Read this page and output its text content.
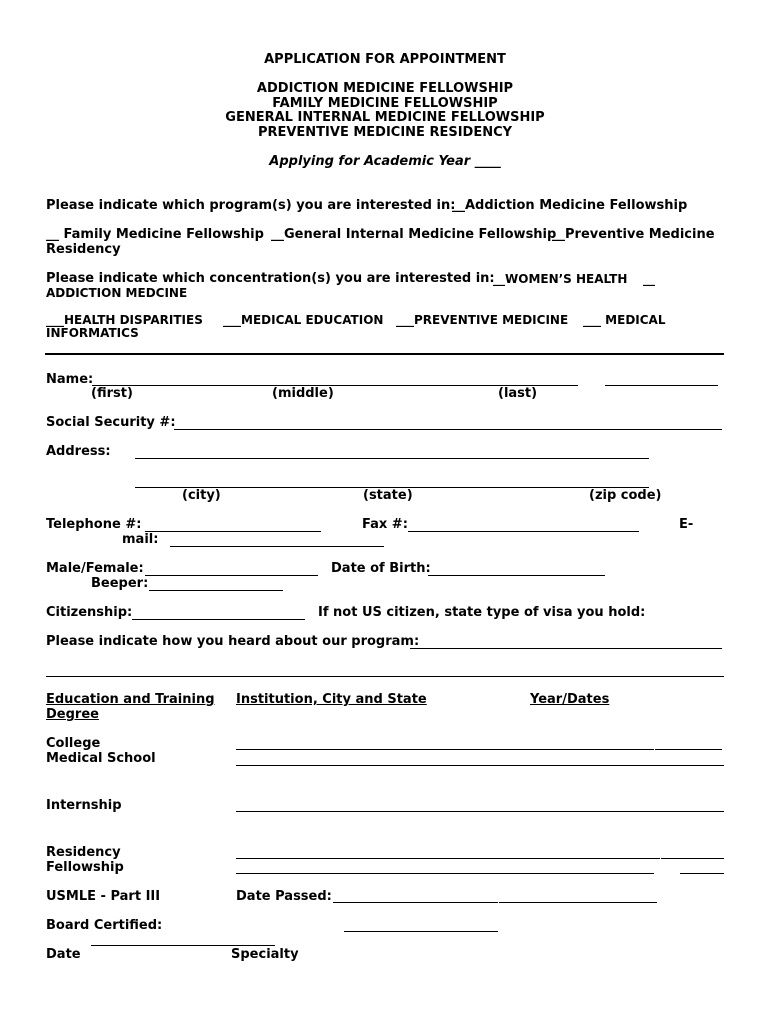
APPLICATION FOR APPOINTMENT
ADDICTION MEDICINE FELLOWSHIP
FAMILY MEDICINE FELLOWSHIP
GENERAL INTERNAL MEDICINE FELLOWSHIP
PREVENTIVE MEDICINE RESIDENCY
Applying for Academic Year ____
Please indicate which program(s) you are interested in:
__Addiction Medicine Fellowship
__ Family Medicine Fellowship __General Internal Medicine Fellowship
__Preventive Medicine
Residency
Please indicate which concentration(s) you are interested in:
__WOMEN’S HEALTH __
ADDICTION MEDCINE
___HEALTH DISPARITIES ___MEDICAL EDUCATION ___PREVENTIVE MEDICINE ___ MEDICAL
INFORMATICS
Name:
(first)	(middle)	(last)
Social Security #:
Address:
(city)	(state)	(zip code)
Telephone #:	Fax #:	E-
mail:
Male/Female:	Date of Birth:
Beeper:
Citizenship:	If not US citizen, state type of visa you hold:
Please indicate how you heard about our program:
Education and Training
Degree
Institution, City and State	Year/Dates
College
Medical School
Internship
Residency
Fellowship
USMLE - Part III	Date Passed:
Board Certified:
Date	Specialty
